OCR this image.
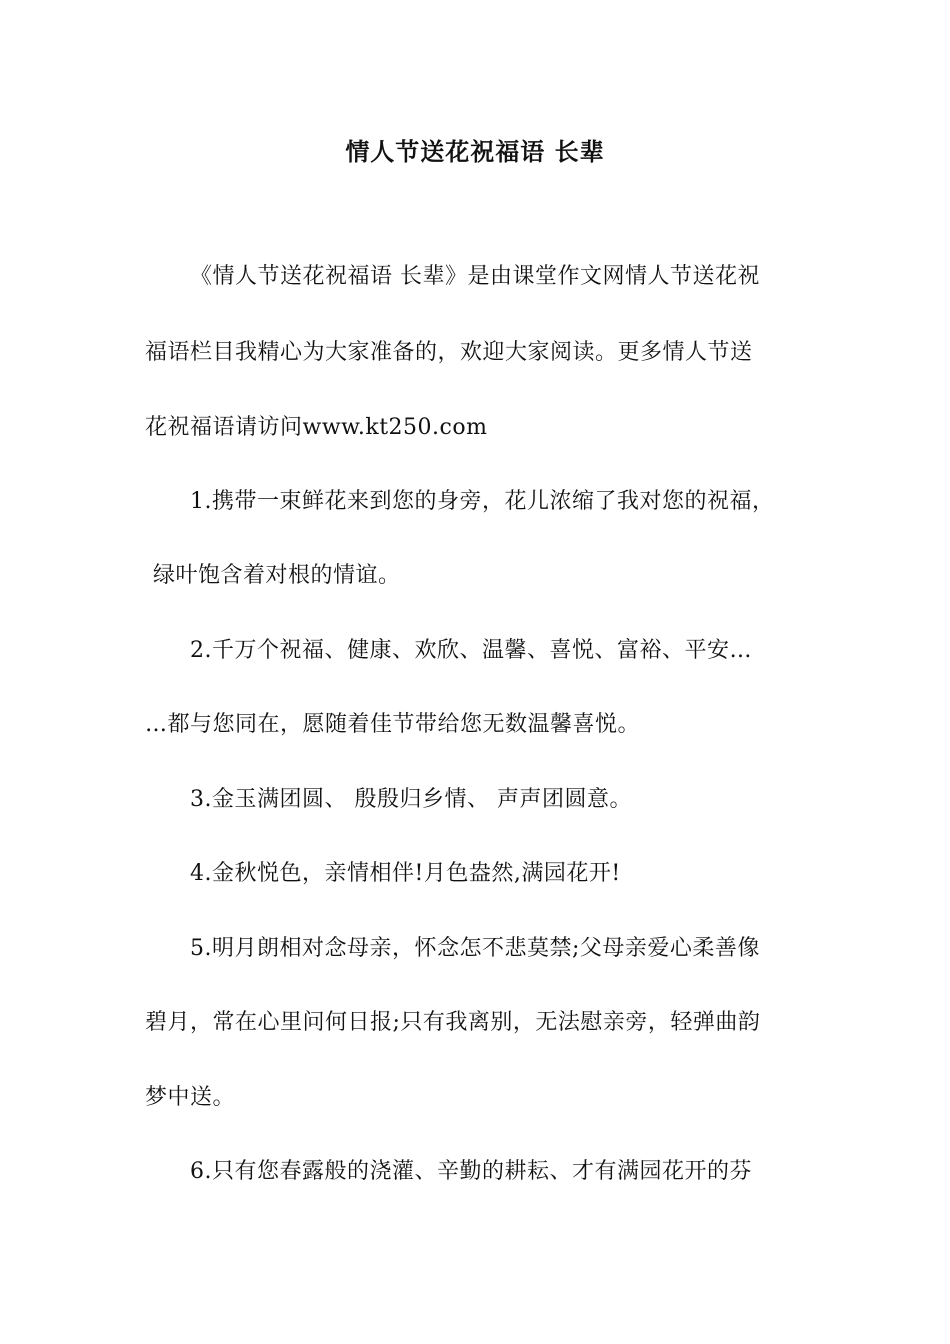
情人节送花祝福语 长辈
《情人节送花祝福语 长辈》是由课堂作文网情人节送花祝
福语栏目我精心为大家准备的，欢迎大家阅读。更多情人节送
花祝福语请访问www.kt250.com
1.携带一束鲜花来到您的身旁，花儿浓缩了我对您的祝福，
绿叶饱含着对根的情谊。
2.千万个祝福、健康、欢欣、温馨、喜悦、富裕、平安…
…都与您同在，愿随着佳节带给您无数温馨喜悦。
3.金玉满团圆、 殷殷归乡情、 声声团圆意。
4.金秋悦色，亲情相伴!月色盎然,满园花开!
5.明月朗相对念母亲，怀念怎不悲莫禁;父母亲爱心柔善像
碧月，常在心里问何日报;只有我离别，无法慰亲旁，轻弹曲韵
梦中送。
6.只有您春露般的浇灌、辛勤的耕耘、才有满园花开的芬
